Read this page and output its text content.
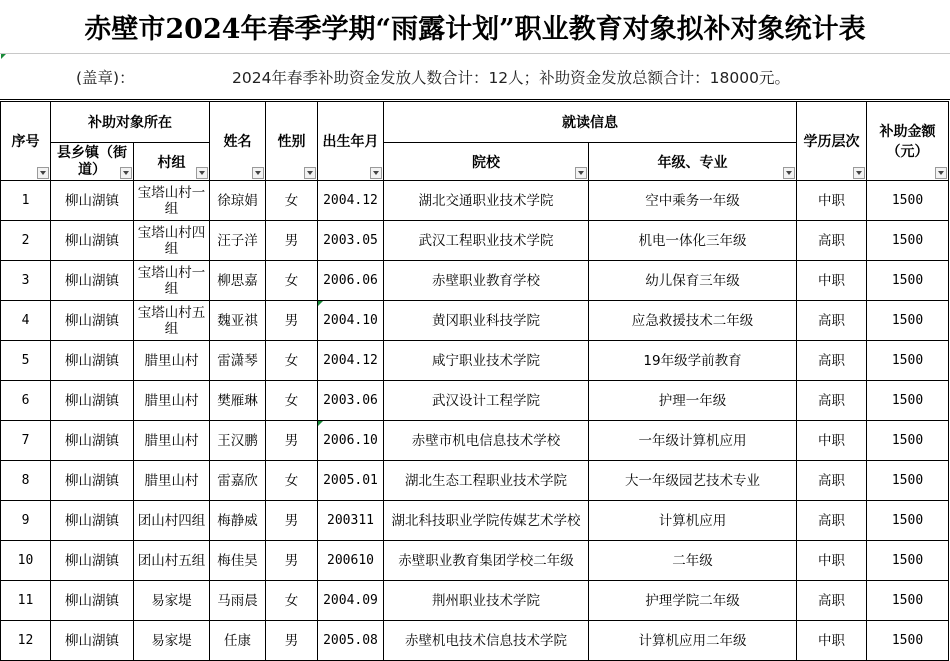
赤壁市2024年春季学期“雨露计划”职业教育对象拟补对象统计表
(盖章)：	2024年春季补助资金发放人数合计：12人；补助资金发放总额合计：18000元。
序号	补助对象所在		姓名	性别	出生年月	就读信息		学历层次	补助金额（元）

	县乡镇（街道）	村组				院校	年级、专业		

1	柳山湖镇	宝塔山村一组	徐琼娟	女	2004.12	湖北交通职业技术学院	空中乘务一年级	中职	1500
2	柳山湖镇	宝塔山村四组	汪子洋	男	2003.05	武汉工程职业技术学院	机电一体化三年级	高职	1500
3	柳山湖镇	宝塔山村一组	柳思嘉	女	2006.06	赤壁职业教育学校	幼儿保育三年级	中职	1500
4	柳山湖镇	宝塔山村五组	魏亚祺	男	2004.10	黄冈职业科技学院	应急救援技术二年级	高职	1500
5	柳山湖镇	腊里山村	雷潇琴	女	2004.12	咸宁职业技术学院	19年级学前教育	高职	1500
6	柳山湖镇	腊里山村	樊雁琳	女	2003.06	武汉设计工程学院	护理一年级	高职	1500
7	柳山湖镇	腊里山村	王汉鹏	男	2006.10	赤壁市机电信息技术学校	一年级计算机应用	中职	1500
8	柳山湖镇	腊里山村	雷嘉欣	女	2005.01	湖北生态工程职业技术学院	大一年级园艺技术专业	高职	1500
9	柳山湖镇	团山村四组	梅静威	男	200311	湖北科技职业学院传媒艺术学校	计算机应用	高职	1500
10	柳山湖镇	团山村五组	梅佳昊	男	200610	赤壁职业教育集团学校二年级	二年级	中职	1500
11	柳山湖镇	易家堤	马雨晨	女	2004.09	荆州职业技术学院	护理学院二年级	高职	1500
12	柳山湖镇	易家堤	任康	男	2005.08	赤壁机电技术信息技术学院	计算机应用二年级	中职	1500
